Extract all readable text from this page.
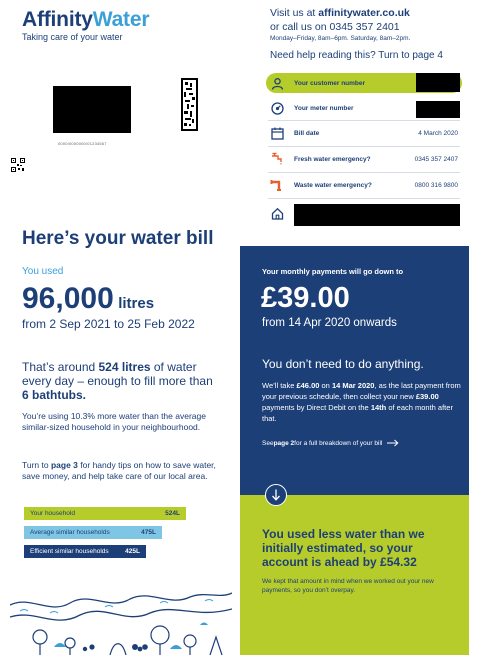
AffinityWater
Taking care of your water
0000/0000000/01234567
Visit us at affinitywater.co.uk
or call us on 0345 357 2401
Monday–Friday, 8am–6pm. Saturday, 8am–2pm.
Need help reading this? Turn to page 4
Your customer number
Your meter number
Bill date	4 March 2020
Fresh water emergency?	0345 357 2407
Waste water emergency?	0800 316 9800
Here’s your water bill
You used
96,000 litres
from 2 Sep 2021 to 25 Feb 2022
That’s around 524 litres of water every day – enough to fill more than 6 bathtubs.
You’re using 10.3% more water than the average similar-sized household in your neighbourhood.
Turn to page 3 for handy tips on how to save water, save money, and help take care of our local area.
Your household	524L
Average similar households	475L
Efficient similar households	425L
Your monthly payments will go down to
£39.00
from 14 Apr 2020 onwards
You don’t need to do anything.
We’ll take £46.00 on 14 Mar 2020, as the last payment from your previous schedule, then collect your new £39.00 payments by Direct Debit on the 14th of each month after that.
See page 2 for a full breakdown of your bill
You used less water than we initially estimated, so your account is ahead by £54.32
We kept that amount in mind when we worked out your new payments, so you don’t overpay.
